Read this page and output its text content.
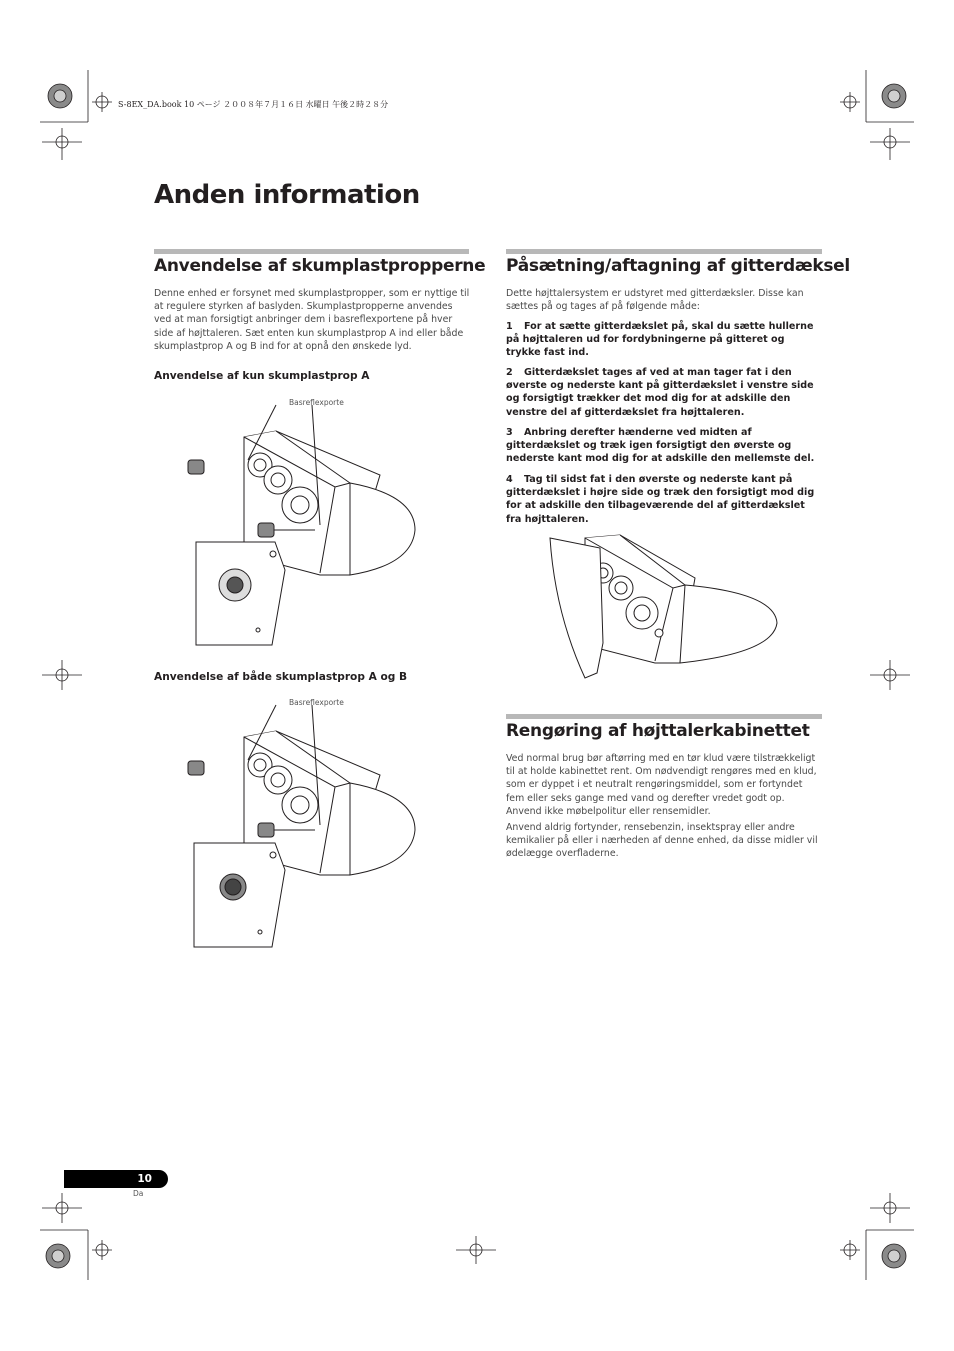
S-8EX_DA.book 10 ページ ２００８年７月１６日 水曜日 午後２時２８分
Anden information
Anvendelse af skumplastpropperne

Denne enhed er forsynet med skumplastpropper, som er nyttige til at regulere styrken af baslyden. Skumplastpropperne anvendes ved at man forsigtigt anbringer dem i basreflexportene på hver side af højttaleren. Sæt enten kun skumplastprop A ind eller både skumplastprop A og B ind for at opnå den ønskede lyd.

Anvendelse af kun skumplastprop A
Basreflexporte
Anvendelse af både skumplastprop A og B
Basreflexporte
Påsætning/aftagning af gitterdæksel

Dette højttalersystem er udstyret med gitterdæksler. Disse kan sættes på og tages af på følgende måde:

1 For at sætte gitterdækslet på, skal du sætte hullerne på højttaleren ud for fordybningerne på gitteret og trykke fast ind.

2 Gitterdækslet tages af ved at man tager fat i den øverste og nederste kant på gitterdækslet i venstre side og forsigtigt trækker det mod dig for at adskille den venstre del af gitterdækslet fra højttaleren.

3 Anbring derefter hænderne ved midten af gitterdækslet og træk igen forsigtigt den øverste og nederste kant mod dig for at adskille den mellemste del.

4 Tag til sidst fat i den øverste og nederste kant på gitterdækslet i højre side og træk den forsigtigt mod dig for at adskille den tilbageværende del af gitterdækslet fra højttaleren.

Rengøring af højttalerkabinettet

Ved normal brug bør aftørring med en tør klud være tilstrækkeligt til at holde kabinettet rent. Om nødvendigt rengøres med en klud, som er dyppet i et neutralt rengøringsmiddel, som er fortyndet fem eller seks gange med vand og derefter vredet godt op. Anvend ikke møbelpolitur eller rensemidler.

Anvend aldrig fortynder, rensebenzin, insektspray eller andre kemikalier på eller i nærheden af denne enhed, da disse midler vil ødelægge overfladerne.

10
Da
